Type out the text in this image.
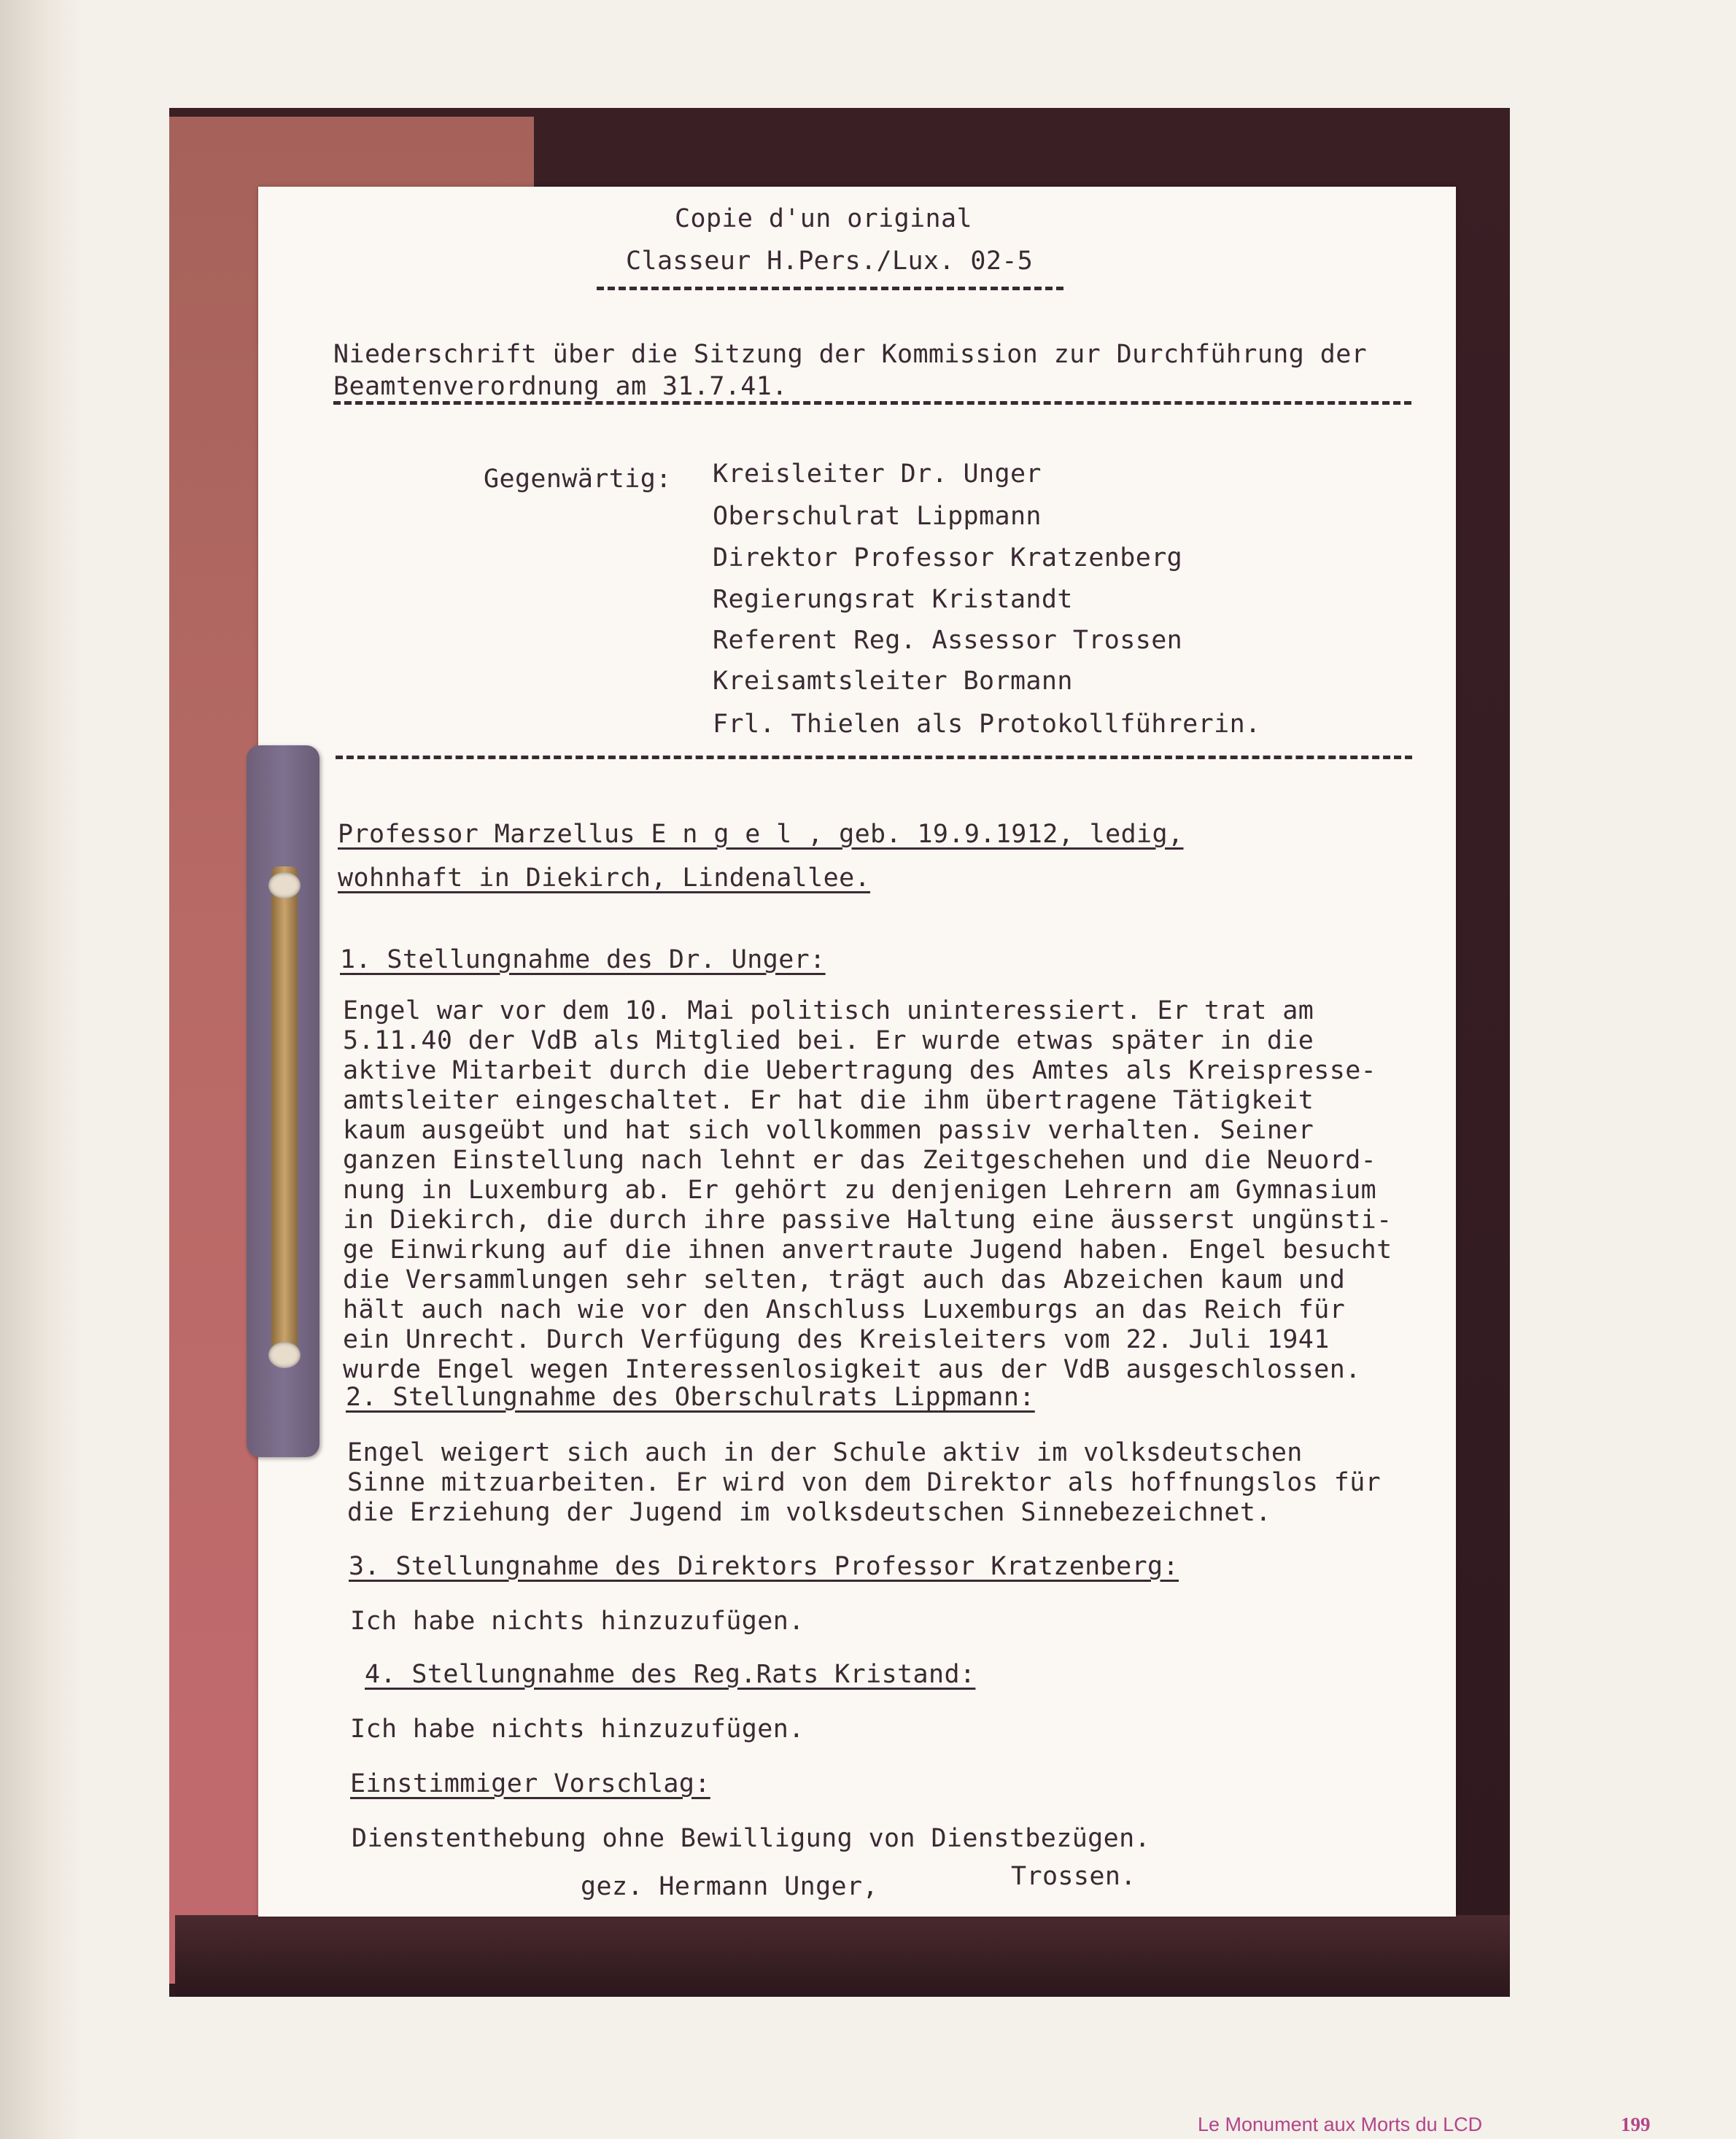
Copie d'un original
Classeur H.Pers./Lux. 02-5
Niederschrift über die Sitzung der Kommission zur Durchführung der
Beamtenverordnung am 31.7.41.
Gegenwärtig: Kreisleiter Dr. Unger
Oberschulrat Lippmann
Direktor Professor Kratzenberg
Regierungsrat Kristandt
Referent Reg. Assessor Trossen
Kreisamtsleiter Bormann
Frl. Thielen als Protokollführerin.
Professor Marzellus E n g e l , geb. 19.9.1912, ledig,
wohnhaft in Diekirch, Lindenallee.
1. Stellungnahme des Dr. Unger:
Engel war vor dem 10. Mai politisch uninteressiert. Er trat am
5.11.40 der VdB als Mitglied bei. Er wurde etwas später in die
aktive Mitarbeit durch die Uebertragung des Amtes als Kreispresse-
amtsleiter eingeschaltet. Er hat die ihm übertragene Tätigkeit
kaum ausgeübt und hat sich vollkommen passiv verhalten. Seiner
ganzen Einstellung nach lehnt er das Zeitgeschehen und die Neuord-
nung in Luxemburg ab. Er gehört zu denjenigen Lehrern am Gymnasium
in Diekirch, die durch ihre passive Haltung eine äusserst ungünsti-
ge Einwirkung auf die ihnen anvertraute Jugend haben. Engel besucht
die Versammlungen sehr selten, trägt auch das Abzeichen kaum und
hält auch nach wie vor den Anschluss Luxemburgs an das Reich für
ein Unrecht. Durch Verfügung des Kreisleiters vom 22. Juli 1941
wurde Engel wegen Interessenlosigkeit aus der VdB ausgeschlossen.
2. Stellungnahme des Oberschulrats Lippmann:
Engel weigert sich auch in der Schule aktiv im volksdeutschen
Sinne mitzuarbeiten. Er wird von dem Direktor als hoffnungslos für
die Erziehung der Jugend im volksdeutschen Sinnebezeichnet.
3. Stellungnahme des Direktors Professor Kratzenberg:
Ich habe nichts hinzuzufügen.
4. Stellungnahme des Reg.Rats Kristand:
Ich habe nichts hinzuzufügen.
Einstimmiger Vorschlag:
Dienstenthebung ohne Bewilligung von Dienstbezügen.
gez. Hermann Unger,	Trossen.
Le Monument aux Morts du LCD	199
